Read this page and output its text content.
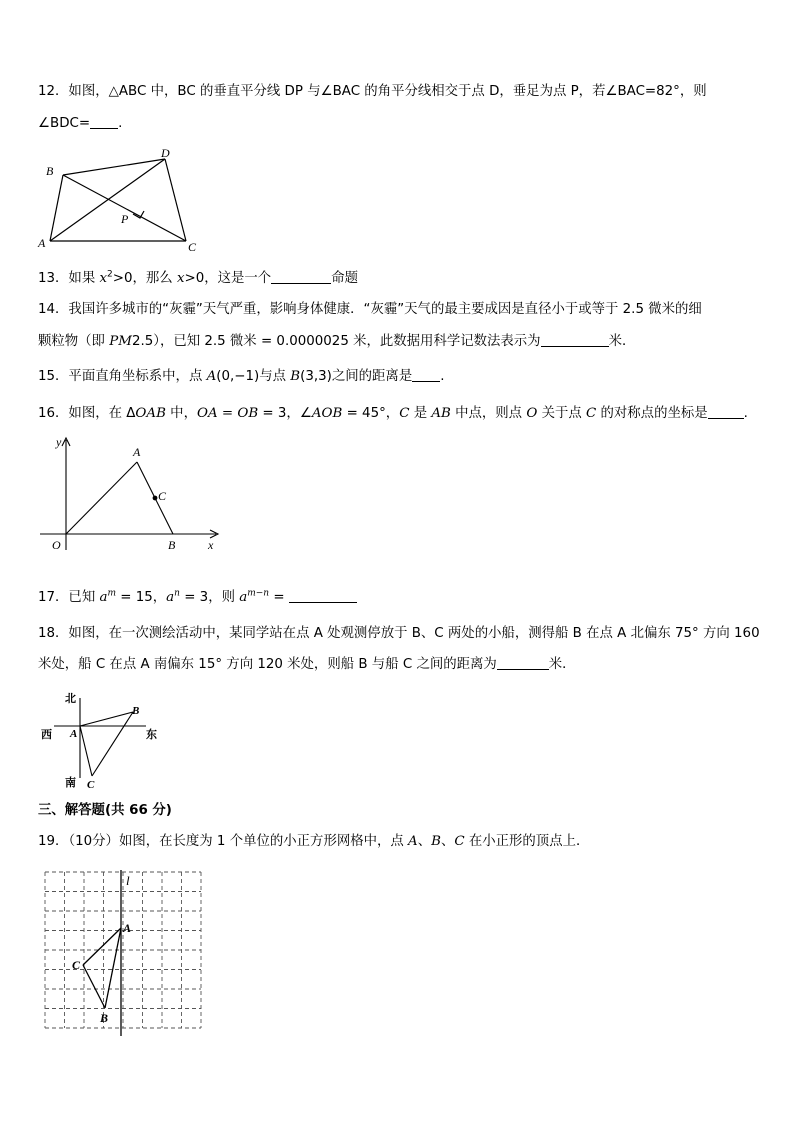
12．如图，△ABC 中，BC 的垂直平分线 DP 与∠BAC 的角平分线相交于点 D，垂足为点 P，若∠BAC=82°，则
∠BDC= .
B
D
P
A	C
13．如果 $x^2>0$，那么 x>0，这是一个	命题
14．我国许多城市的“灰霾”天气严重，影响身体健康．“灰霾”天气的最主要成因是直径小于或等于 2.5 微米的细
颗粒物（即 PM2.5），已知 2.5 微米 = 0.0000025 米，此数据用科学记数法表示为	米．
15．平面直角坐标系中，点 A(0,−1)与点 B(3,3)之间的距离是 .
16．如图，在 ΔOAB 中，OA = OB = 3，∠AOB = 45°，C 是 AB 中点，则点 O 关于点 C 的对称点的坐标是	.
y
A
C
O	B	x
17．已知 $a^m = 15$，$a^n = 3$，则 $a^{m-n}$ =
18．如图，在一次测绘活动中，某同学站在点 A 处观测停放于 B、C 两处的小船，测得船 B 在点 A 北偏东 75° 方向 160
米处，船 C 在点 A 南偏东 15° 方向 120 米处，则船 B 与船 C 之间的距离为	米．
北
B
西 A	东
南 C
三、解答题(共 66 分)
19．（10分）如图，在长度为 1 个单位的小正方形网格中，点 A、B、C 在小正形的顶点上．
l
A
C
B
